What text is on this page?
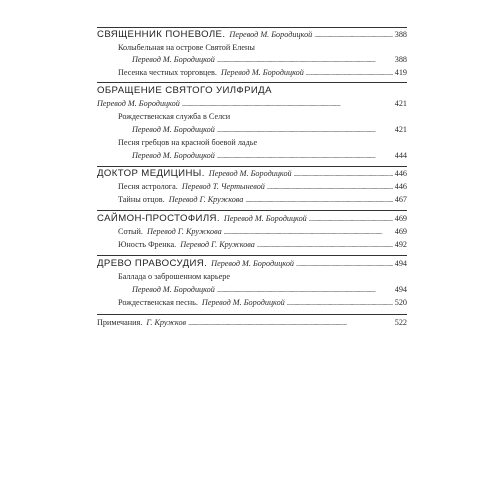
СВЯЩЕННИК ПОНЕВОЛЕ. Перевод М. Бородицкой . . .	388
Колыбельная на острове Святой Елены
Перевод М. Бородицкой . . .	388
Песенка честных торговцев. Перевод М. Бородицкой . . .	419
ОБРАЩЕНИЕ СВЯТОГО УИЛФРИДА
Перевод М. Бородицкой . . .	421
Рождественская служба в Селси
Перевод М. Бородицкой . . .	421
Песня гребцов на красной боевой ладье
Перевод М. Бородицкой . . .	444
ДОКТОР МЕДИЦИНЫ. Перевод М. Бородицкой . . .	446
Песня астролога. Перевод Т. Чертыневой . . .	446
Тайны отцов. Перевод Г. Кружкова . . .	467
САЙМОН-ПРОСТОФИЛЯ. Перевод М. Бородицкой . . .	469
Сотый. Перевод Г. Кружкова . . .	469
Юность Френка. Перевод Г. Кружкова . . .	492
ДРЕВО ПРАВОСУДИЯ. Перевод М. Бородицкой . . .	494
Баллада о заброшенном карьере
Перевод М. Бородицкой . . .	494
Рождественская песнь. Перевод М. Бородицкой . . .	520
Примечания. Г. Кружков . . .	522
